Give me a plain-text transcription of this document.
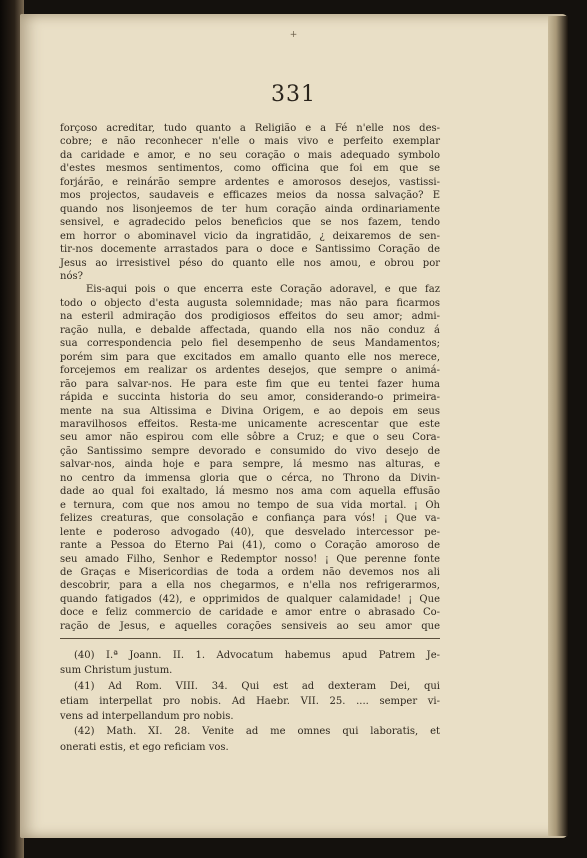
+
331
forçoso acreditar, tudo quanto a Religião e a Fé n'elle nos des-
cobre; e não reconhecer n'elle o mais vivo e perfeito exemplar
da caridade e amor, e no seu coração o mais adequado symbolo
d'estes mesmos sentimentos, como officina que foi em que se
forjárão, e reinárão sempre ardentes e amorosos desejos, vastissi-
mos projectos, saudaveis e efficazes meios da nossa salvação? E
quando nos lisonjeemos de ter hum coração ainda ordinariamente
sensivel, e agradecido pelos beneficios que se nos fazem, tendo
em horror o abominavel vicio da ingratidão, ¿ deixaremos de sen-
tir-nos docemente arrastados para o doce e Santissimo Coração de
Jesus ao irresistivel péso do quanto elle nos amou, e obrou por
nós?
Eis-aqui pois o que encerra este Coração adoravel, e que faz
todo o objecto d'esta augusta solemnidade; mas não para ficarmos
na esteril admiração dos prodigiosos effeitos do seu amor; admi-
ração nulla, e debalde affectada, quando ella nos não conduz á
sua correspondencia pelo fiel desempenho de seus Mandamentos;
porém sim para que excitados em amallo quanto elle nos merece,
forcejemos em realizar os ardentes desejos, que sempre o animá-
rão para salvar-nos. He para este fim que eu tentei fazer huma
rápida e succinta historia do seu amor, considerando-o primeira-
mente na sua Altissima e Divina Origem, e ao depois em seus
maravilhosos effeitos. Resta-me unicamente acrescentar que este
seu amor não espirou com elle sôbre a Cruz; e que o seu Cora-
ção Santissimo sempre devorado e consumido do vivo desejo de
salvar-nos, ainda hoje e para sempre, lá mesmo nas alturas, e
no centro da immensa gloria que o cérca, no Throno da Divin-
dade ao qual foi exaltado, lá mesmo nos ama com aquella effusão
e ternura, com que nos amou no tempo de sua vida mortal. ¡ Oh
felizes creaturas, que consolação e confiança para vós! ¡ Que va-
lente e poderoso advogado (40), que desvelado intercessor pe-
rante a Pessoa do Eterno Pai (41), como o Coração amoroso de
seu amado Filho, Senhor e Redemptor nosso! ¡ Que perenne fonte
de Graças e Misericordias de toda a ordem não devemos nos ali
descobrir, para a ella nos chegarmos, e n'ella nos refrigerarmos,
quando fatigados (42), e opprimidos de qualquer calamidade! ¡ Que
doce e feliz commercio de caridade e amor entre o abrasado Co-
ração de Jesus, e aquelles corações sensiveis ao seu amor que
(40) I.ª Joann. II. 1. Advocatum habemus apud Patrem Je-
sum Christum justum.
(41) Ad Rom. VIII. 34. Qui est ad dexteram Dei, qui
etiam interpellat pro nobis. Ad Haebr. VII. 25. .... semper vi-
vens ad interpellandum pro nobis.
(42) Math. XI. 28. Venite ad me omnes qui laboratis, et
onerati estis, et ego reficiam vos.
